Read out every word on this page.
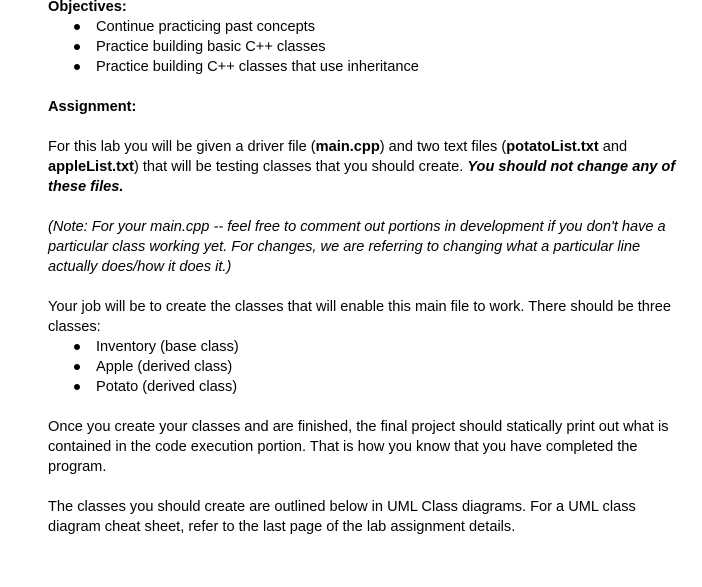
Objectives:

Continue practicing past concepts
Practice building basic C++ classes
Practice building C++ classes that use inheritance

Assignment:

For this lab you will be given a driver file (main.cpp) and two text files (potatoList.txt and appleList.txt) that will be testing classes that you should create. You should not change any of these files.

(Note: For your main.cpp -- feel free to comment out portions in development if you don't have a particular class working yet. For changes, we are referring to changing what a particular line actually does/how it does it.)

Your job will be to create the classes that will enable this main file to work. There should be three classes:

Inventory (base class)
Apple (derived class)
Potato (derived class)

Once you create your classes and are finished, the final project should statically print out what is contained in the code execution portion. That is how you know that you have completed the program.

The classes you should create are outlined below in UML Class diagrams. For a UML class diagram cheat sheet, refer to the last page of the lab assignment details.
